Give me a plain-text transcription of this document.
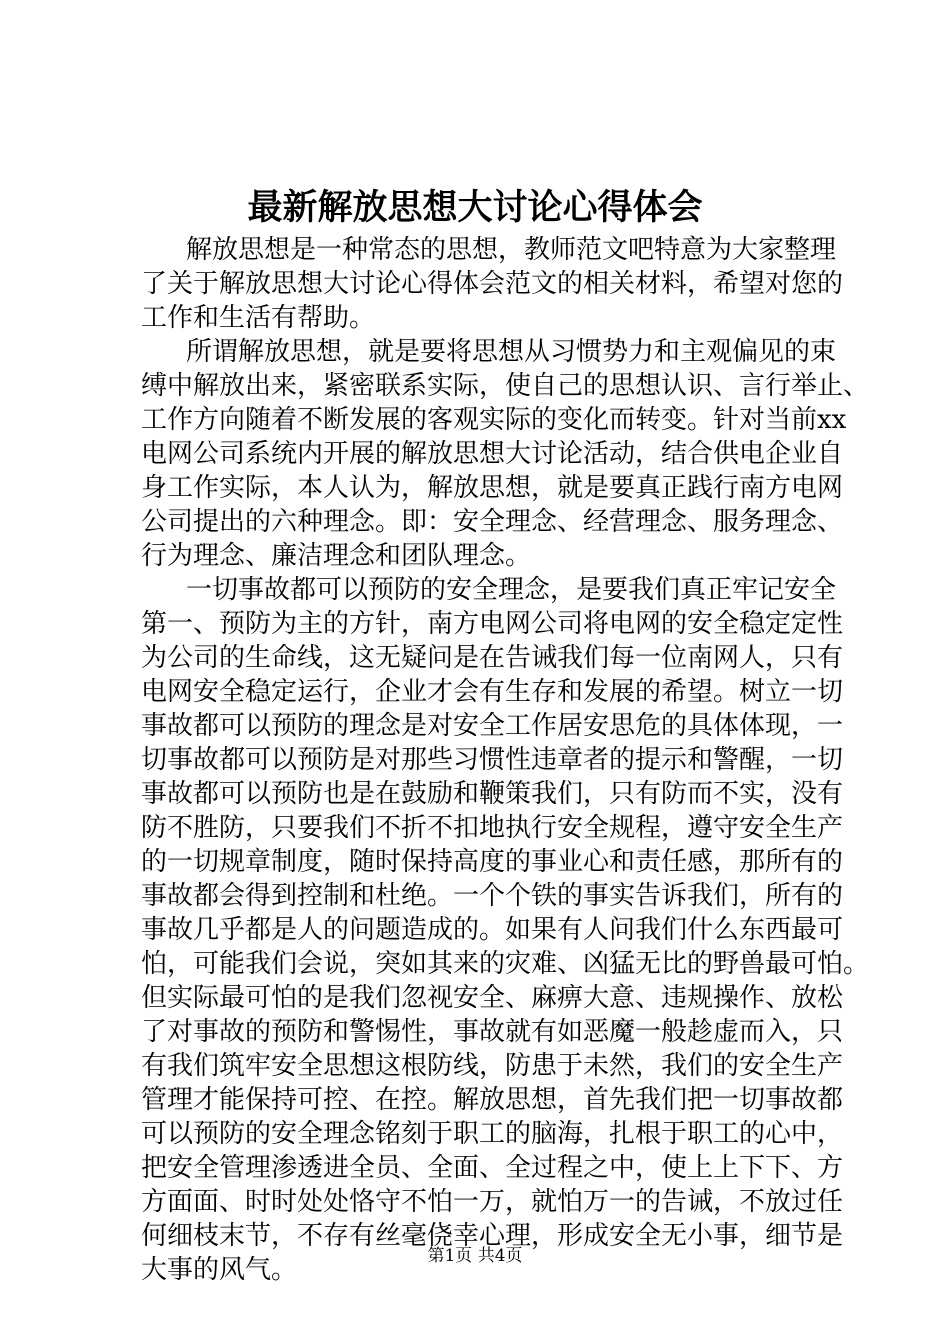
最新解放思想大讨论心得体会
解放思想是一种常态的思想，教师范文吧特意为大家整理
了关于解放思想大讨论心得体会范文的相关材料，希望对您的
工作和生活有帮助。
所谓解放思想，就是要将思想从习惯势力和主观偏见的束
缚中解放出来，紧密联系实际，使自己的思想认识、言行举止、
工作方向随着不断发展的客观实际的变化而转变。针对当前xx
电网公司系统内开展的解放思想大讨论活动，结合供电企业自
身工作实际，本人认为，解放思想，就是要真正践行南方电网
公司提出的六种理念。即：安全理念、经营理念、服务理念、
行为理念、廉洁理念和团队理念。
一切事故都可以预防的安全理念，是要我们真正牢记安全
第一、预防为主的方针，南方电网公司将电网的安全稳定定性
为公司的生命线，这无疑问是在告诫我们每一位南网人，只有
电网安全稳定运行，企业才会有生存和发展的希望。树立一切
事故都可以预防的理念是对安全工作居安思危的具体体现，一
切事故都可以预防是对那些习惯性违章者的提示和警醒，一切
事故都可以预防也是在鼓励和鞭策我们，只有防而不实，没有
防不胜防，只要我们不折不扣地执行安全规程，遵守安全生产
的一切规章制度，随时保持高度的事业心和责任感，那所有的
事故都会得到控制和杜绝。一个个铁的事实告诉我们，所有的
事故几乎都是人的问题造成的。如果有人问我们什么东西最可
怕，可能我们会说，突如其来的灾难、凶猛无比的野兽最可怕。
但实际最可怕的是我们忽视安全、麻痹大意、违规操作、放松
了对事故的预防和警惕性，事故就有如恶魔一般趁虚而入，只
有我们筑牢安全思想这根防线，防患于未然，我们的安全生产
管理才能保持可控、在控。解放思想，首先我们把一切事故都
可以预防的安全理念铭刻于职工的脑海，扎根于职工的心中，
把安全管理渗透进全员、全面、全过程之中，使上上下下、方
方面面、时时处处恪守不怕一万，就怕万一的告诫，不放过任
何细枝末节，不存有丝毫侥幸心理，形成安全无小事，细节是
大事的风气。	第1页 共4页
